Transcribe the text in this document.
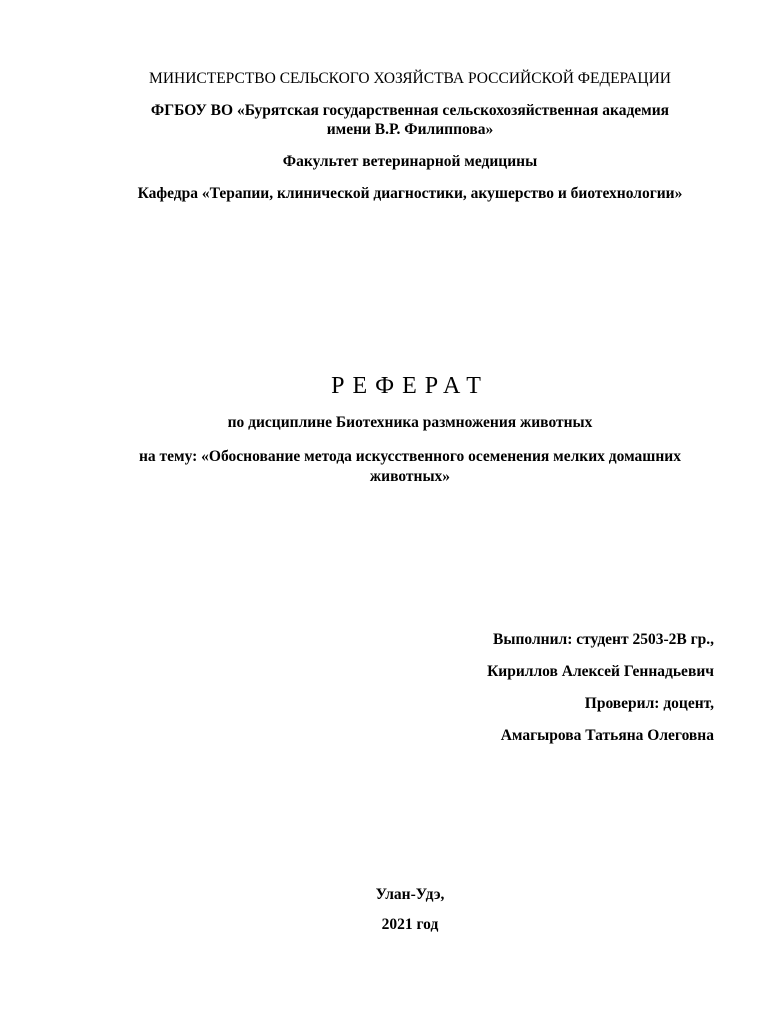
МИНИСТЕРСТВО СЕЛЬСКОГО ХОЗЯЙСТВА РОССИЙСКОЙ ФЕДЕРАЦИИ
ФГБОУ ВО «Бурятская государственная сельскохозяйственная академия
имени В.Р. Филиппова»
Факультет ветеринарной медицины
Кафедра «Терапии, клинической диагностики, акушерство и биотехнологии»
РЕФЕРАТ
по дисциплине Биотехника размножения животных
на тему: «Обоснование метода искусственного осеменения мелких домашних
животных»
Выполнил: студент 2503-2В гр.,
Кириллов Алексей Геннадьевич
Проверил: доцент,
Амагырова Татьяна Олеговна
Улан-Удэ,
2021 год
